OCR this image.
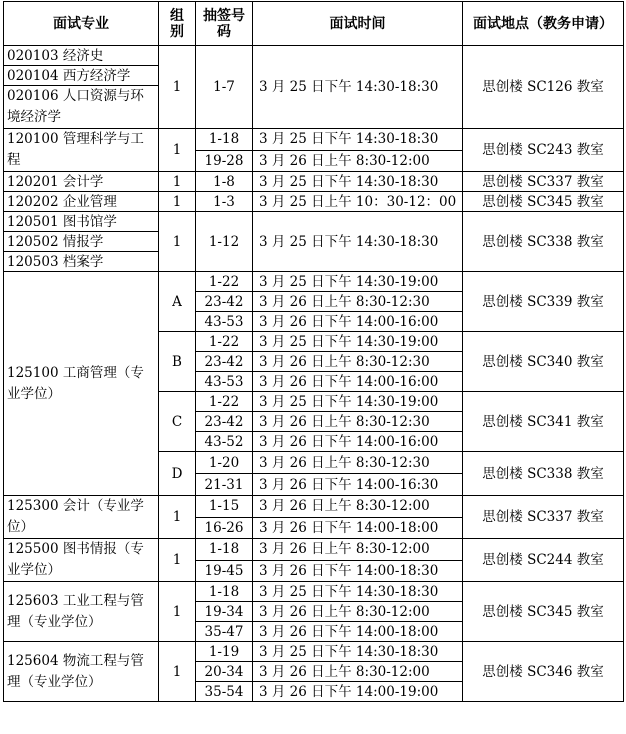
面试专业	组别	抽签号码	面试时间	面试地点（教务申请）
020103 经济史	1	1-7	3 月 25 日下午 14:30-18:30	思创楼 SC126 教室
020104 西方经济学				
020106 人口资源与环境经济学				
120100 管理科学与工程	1	1-18	3 月 25 日下午 14:30-18:30	思创楼 SC243 教室
		19-28	3 月 26 日上午 8:30-12:00	
120201 会计学	1	1-8	3 月 25 日下午 14:30-18:30	思创楼 SC337 教室
120202 企业管理	1	1-3	3 月 25 日上午 10：30-12：00	思创楼 SC345 教室
120501 图书馆学	1	1-12	3 月 25 日下午 14:30-18:30	思创楼 SC338 教室
120502 情报学				
120503 档案学				
125100 工商管理（专业学位）	A	1-22	3 月 25 日下午 14:30-19:00	思创楼 SC339 教室
		23-42	3 月 26 日上午 8:30-12:30	
		43-53	3 月 26 日下午 14:00-16:00	
	B	1-22	3 月 25 日下午 14:30-19:00	思创楼 SC340 教室
		23-42	3 月 26 日上午 8:30-12:30	
		43-53	3 月 26 日下午 14:00-16:00	
	C	1-22	3 月 25 日下午 14:30-19:00	思创楼 SC341 教室
		23-42	3 月 26 日上午 8:30-12:30	
		43-52	3 月 26 日下午 14:00-16:00	
	D	1-20	3 月 26 日上午 8:30-12:30	思创楼 SC338 教室
		21-31	3 月 26 日下午 14:00-16:30	
125300 会计（专业学位）	1	1-15	3 月 26 日上午 8:30-12:00	思创楼 SC337 教室
		16-26	3 月 26 日下午 14:00-18:00	
125500 图书情报（专业学位）	1	1-18	3 月 26 日上午 8:30-12:00	思创楼 SC244 教室
		19-45	3 月 26 日下午 14:00-18:30	
125603 工业工程与管理（专业学位）	1	1-18	3 月 25 日下午 14:30-18:30	思创楼 SC345 教室
		19-34	3 月 26 日上午 8:30-12:00	
		35-47	3 月 26 日下午 14:00-18:00	
125604 物流工程与管理（专业学位）	1	1-19	3 月 25 日下午 14:30-18:30	思创楼 SC346 教室
		20-34	3 月 26 日上午 8:30-12:00	
		35-54	3 月 26 日下午 14:00-19:00	
